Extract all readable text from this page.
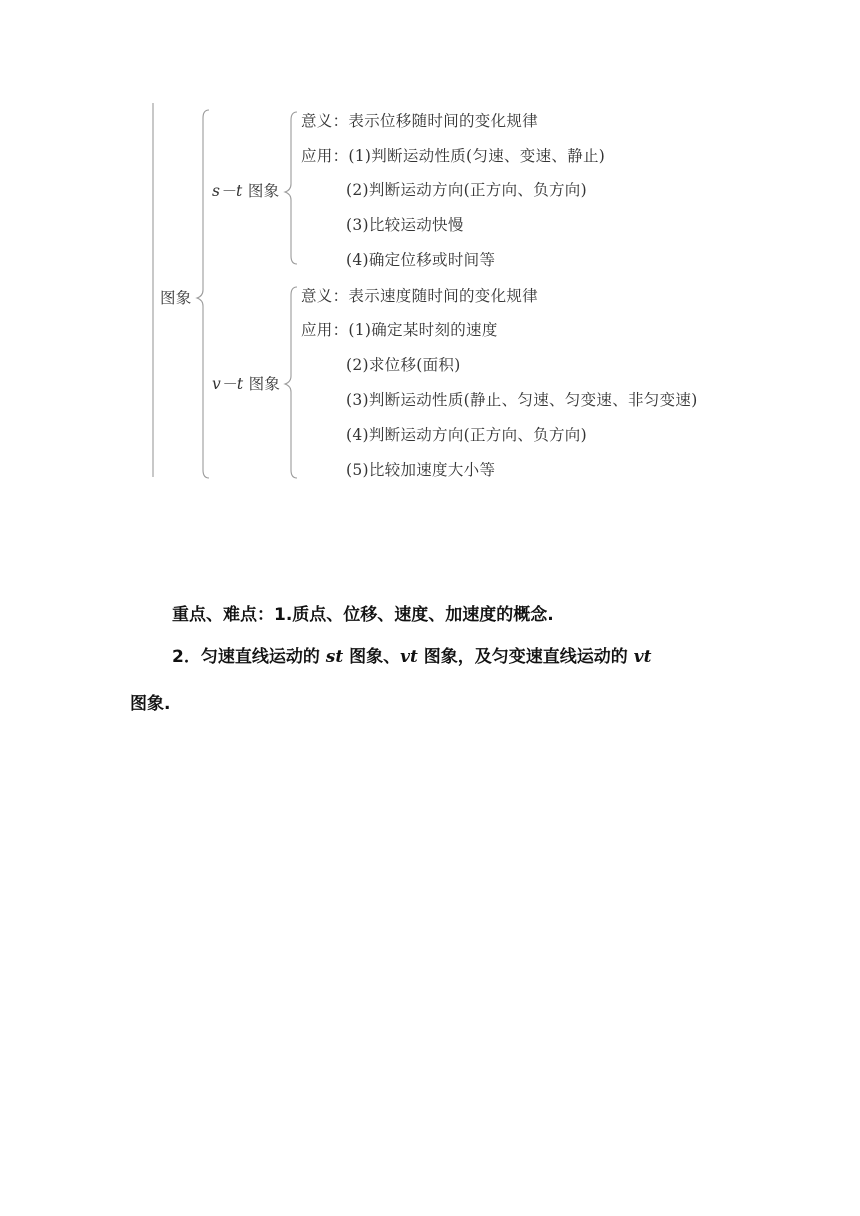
图象
s－t 图象
意义：表示位移随时间的变化规律
应用：(1)判断运动性质(匀速、变速、静止)
(2)判断运动方向(正方向、负方向)
(3)比较运动快慢
(4)确定位移或时间等
v－t 图象
意义：表示速度随时间的变化规律
应用：(1)确定某时刻的速度
(2)求位移(面积)
(3)判断运动性质(静止、匀速、匀变速、非匀变速)
(4)判断运动方向(正方向、负方向)
(5)比较加速度大小等
重点、难点：1.质点、位移、速度、加速度的概念.
2．匀速直线运动的 st 图象、vt 图象，及匀变速直线运动的 vt
图象.
